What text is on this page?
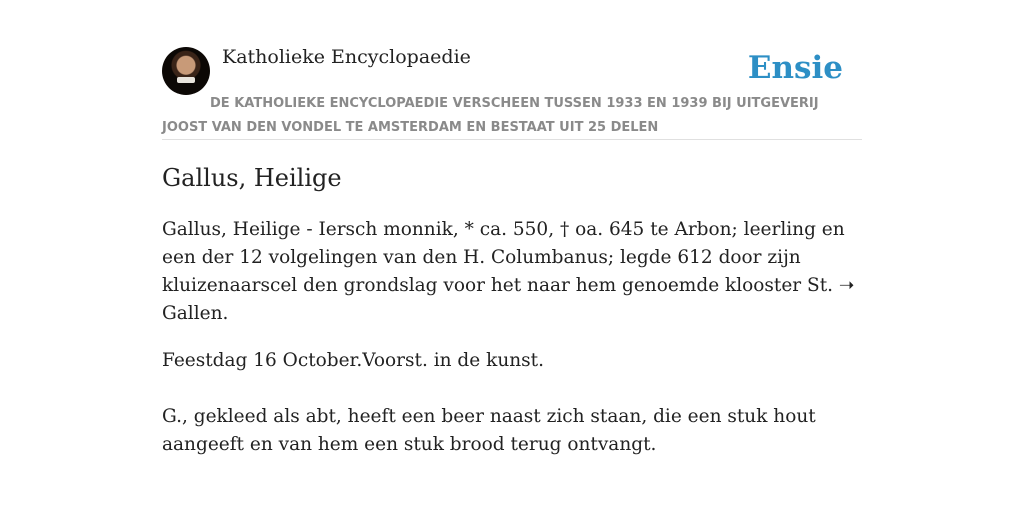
Katholieke Encyclopaedie	Ensie
DE KATHOLIEKE ENCYCLOPAEDIE VERSCHEEN TUSSEN 1933 EN 1939 BIJ UITGEVERIJ JOOST VAN DEN VONDEL TE AMSTERDAM EN BESTAAT UIT 25 DELEN
Gallus, Heilige

Gallus, Heilige - Iersch monnik, * ca. 550, † oa. 645 te Arbon; leerling en een der 12 volgelingen van den H. Columbanus; legde 612 door zijn kluizenaarscel den grondslag voor het naar hem genoemde klooster St. ➝ Gallen.

Feestdag 16 October.Voorst. in de kunst.

G., gekleed als abt, heeft een beer naast zich staan, die een stuk hout aangeeft en van hem een stuk brood terug ontvangt.
